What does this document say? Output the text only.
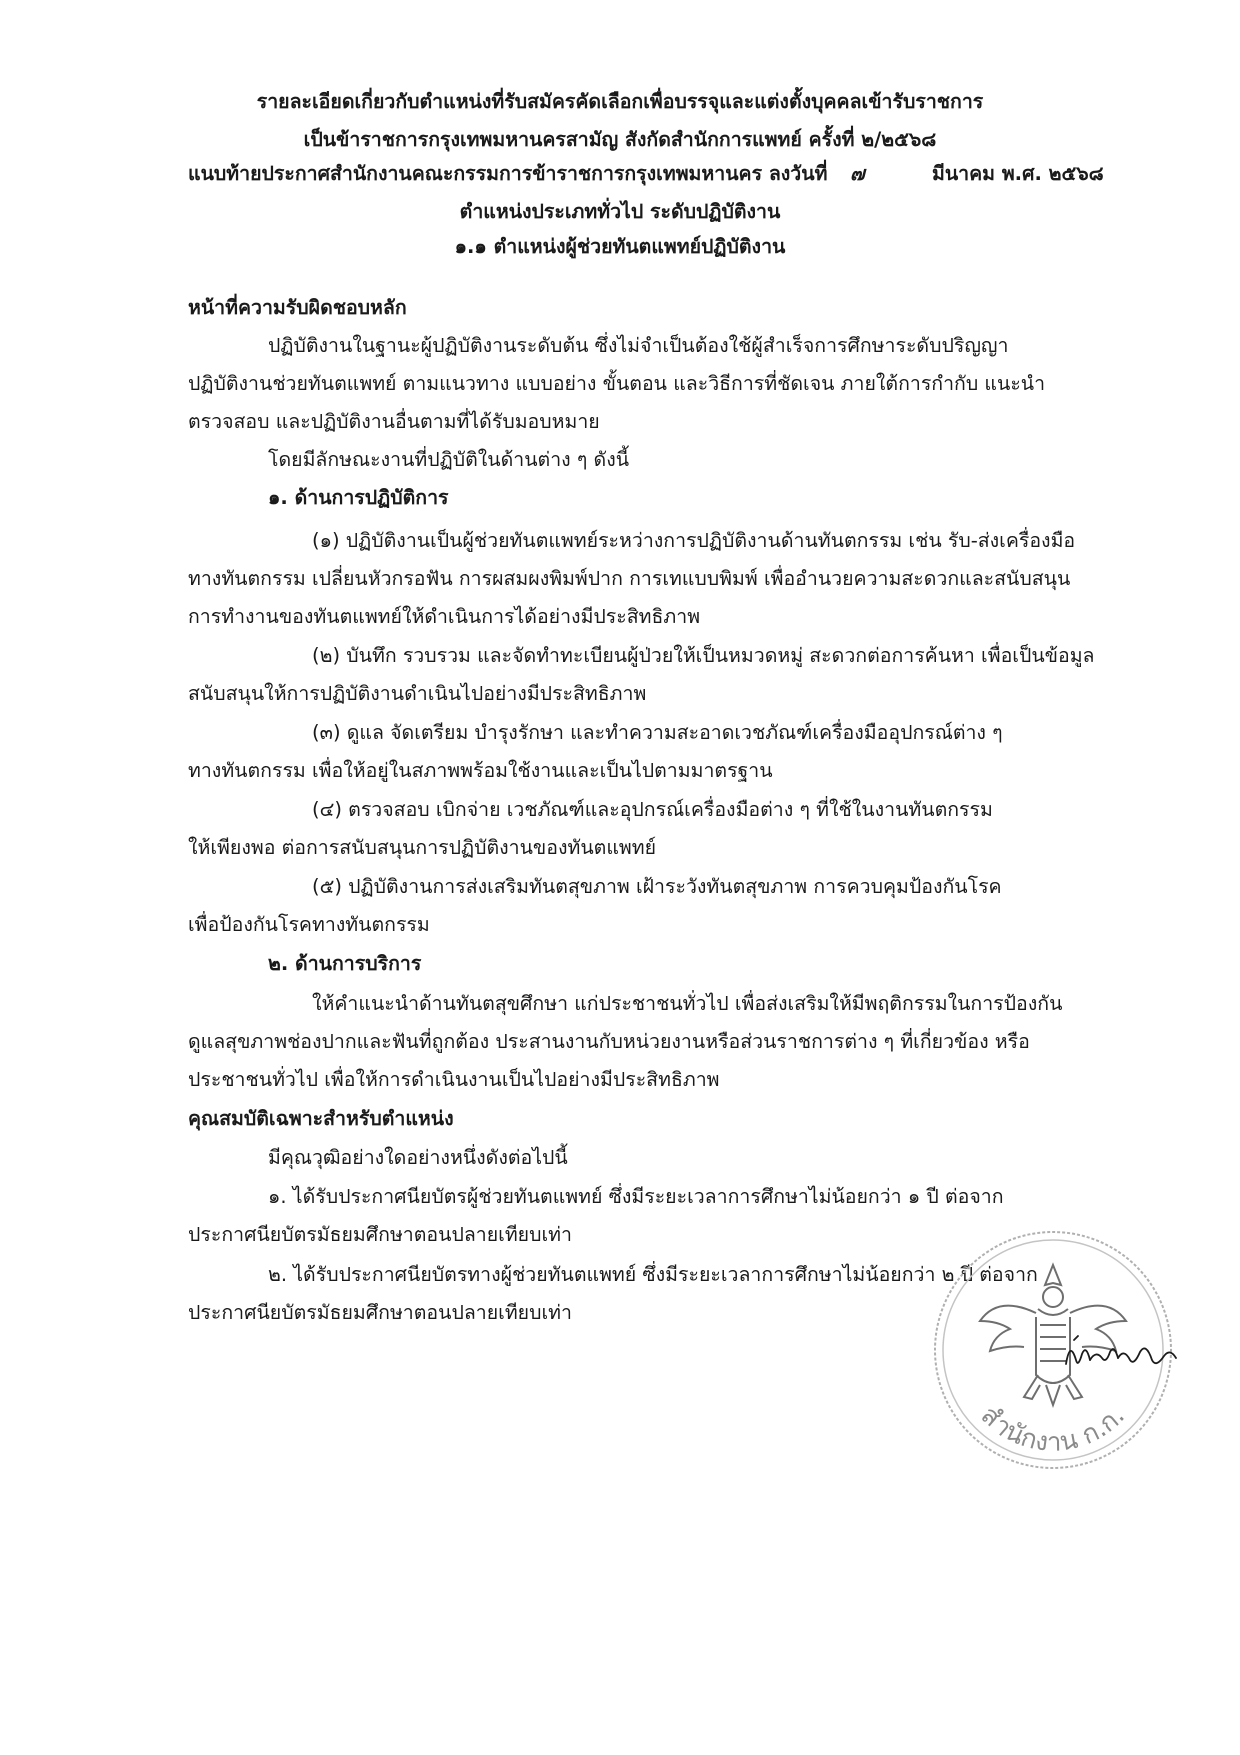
รายละเอียดเกี่ยวกับตำแหน่งที่รับสมัครคัดเลือกเพื่อบรรจุและแต่งตั้งบุคคลเข้ารับราชการ
เป็นข้าราชการกรุงเทพมหานครสามัญ สังกัดสำนักการแพทย์ ครั้งที่ ๒/๒๕๖๘
แนบท้ายประกาศสำนักงานคณะกรรมการข้าราชการกรุงเทพมหานคร ลงวันที่ ๗	มีนาคม พ.ศ. ๒๕๖๘
ตำแหน่งประเภททั่วไป ระดับปฏิบัติงาน
๑.๑ ตำแหน่งผู้ช่วยทันตแพทย์ปฏิบัติงาน
หน้าที่ความรับผิดชอบหลัก
ปฏิบัติงานในฐานะผู้ปฏิบัติงานระดับต้น ซึ่งไม่จำเป็นต้องใช้ผู้สำเร็จการศึกษาระดับปริญญา
ปฏิบัติงานช่วยทันตแพทย์ ตามแนวทาง แบบอย่าง ขั้นตอน และวิธีการที่ชัดเจน ภายใต้การกำกับ แนะนำ
ตรวจสอบ และปฏิบัติงานอื่นตามที่ได้รับมอบหมาย
โดยมีลักษณะงานที่ปฏิบัติในด้านต่าง ๆ ดังนี้
๑. ด้านการปฏิบัติการ
(๑) ปฏิบัติงานเป็นผู้ช่วยทันตแพทย์ระหว่างการปฏิบัติงานด้านทันตกรรม เช่น รับ-ส่งเครื่องมือ
ทางทันตกรรม เปลี่ยนหัวกรอฟัน การผสมผงพิมพ์ปาก การเทแบบพิมพ์ เพื่ออำนวยความสะดวกและสนับสนุน
การทำงานของทันตแพทย์ให้ดำเนินการได้อย่างมีประสิทธิภาพ
(๒) บันทึก รวบรวม และจัดทำทะเบียนผู้ป่วยให้เป็นหมวดหมู่ สะดวกต่อการค้นหา เพื่อเป็นข้อมูล
สนับสนุนให้การปฏิบัติงานดำเนินไปอย่างมีประสิทธิภาพ
(๓) ดูแล จัดเตรียม บำรุงรักษา และทำความสะอาดเวชภัณฑ์เครื่องมืออุปกรณ์ต่าง ๆ
ทางทันตกรรม เพื่อให้อยู่ในสภาพพร้อมใช้งานและเป็นไปตามมาตรฐาน
(๔) ตรวจสอบ เบิกจ่าย เวชภัณฑ์และอุปกรณ์เครื่องมือต่าง ๆ ที่ใช้ในงานทันตกรรม
ให้เพียงพอ ต่อการสนับสนุนการปฏิบัติงานของทันตแพทย์
(๕) ปฏิบัติงานการส่งเสริมทันตสุขภาพ เฝ้าระวังทันตสุขภาพ การควบคุมป้องกันโรค
เพื่อป้องกันโรคทางทันตกรรม
๒. ด้านการบริการ
ให้คำแนะนำด้านทันตสุขศึกษา แก่ประชาชนทั่วไป เพื่อส่งเสริมให้มีพฤติกรรมในการป้องกัน
ดูแลสุขภาพช่องปากและฟันที่ถูกต้อง ประสานงานกับหน่วยงานหรือส่วนราชการต่าง ๆ ที่เกี่ยวข้อง หรือ
ประชาชนทั่วไป เพื่อให้การดำเนินงานเป็นไปอย่างมีประสิทธิภาพ
คุณสมบัติเฉพาะสำหรับตำแหน่ง
มีคุณวุฒิอย่างใดอย่างหนึ่งดังต่อไปนี้
๑. ได้รับประกาศนียบัตรผู้ช่วยทันตแพทย์ ซึ่งมีระยะเวลาการศึกษาไม่น้อยกว่า ๑ ปี ต่อจาก
ประกาศนียบัตรมัธยมศึกษาตอนปลายเทียบเท่า
๒. ได้รับประกาศนียบัตรทางผู้ช่วยทันตแพทย์ ซึ่งมีระยะเวลาการศึกษาไม่น้อยกว่า ๒ ปี ต่อจาก
ประกาศนียบัตรมัธยมศึกษาตอนปลายเทียบเท่า
สำนักงาน ก.ก.
